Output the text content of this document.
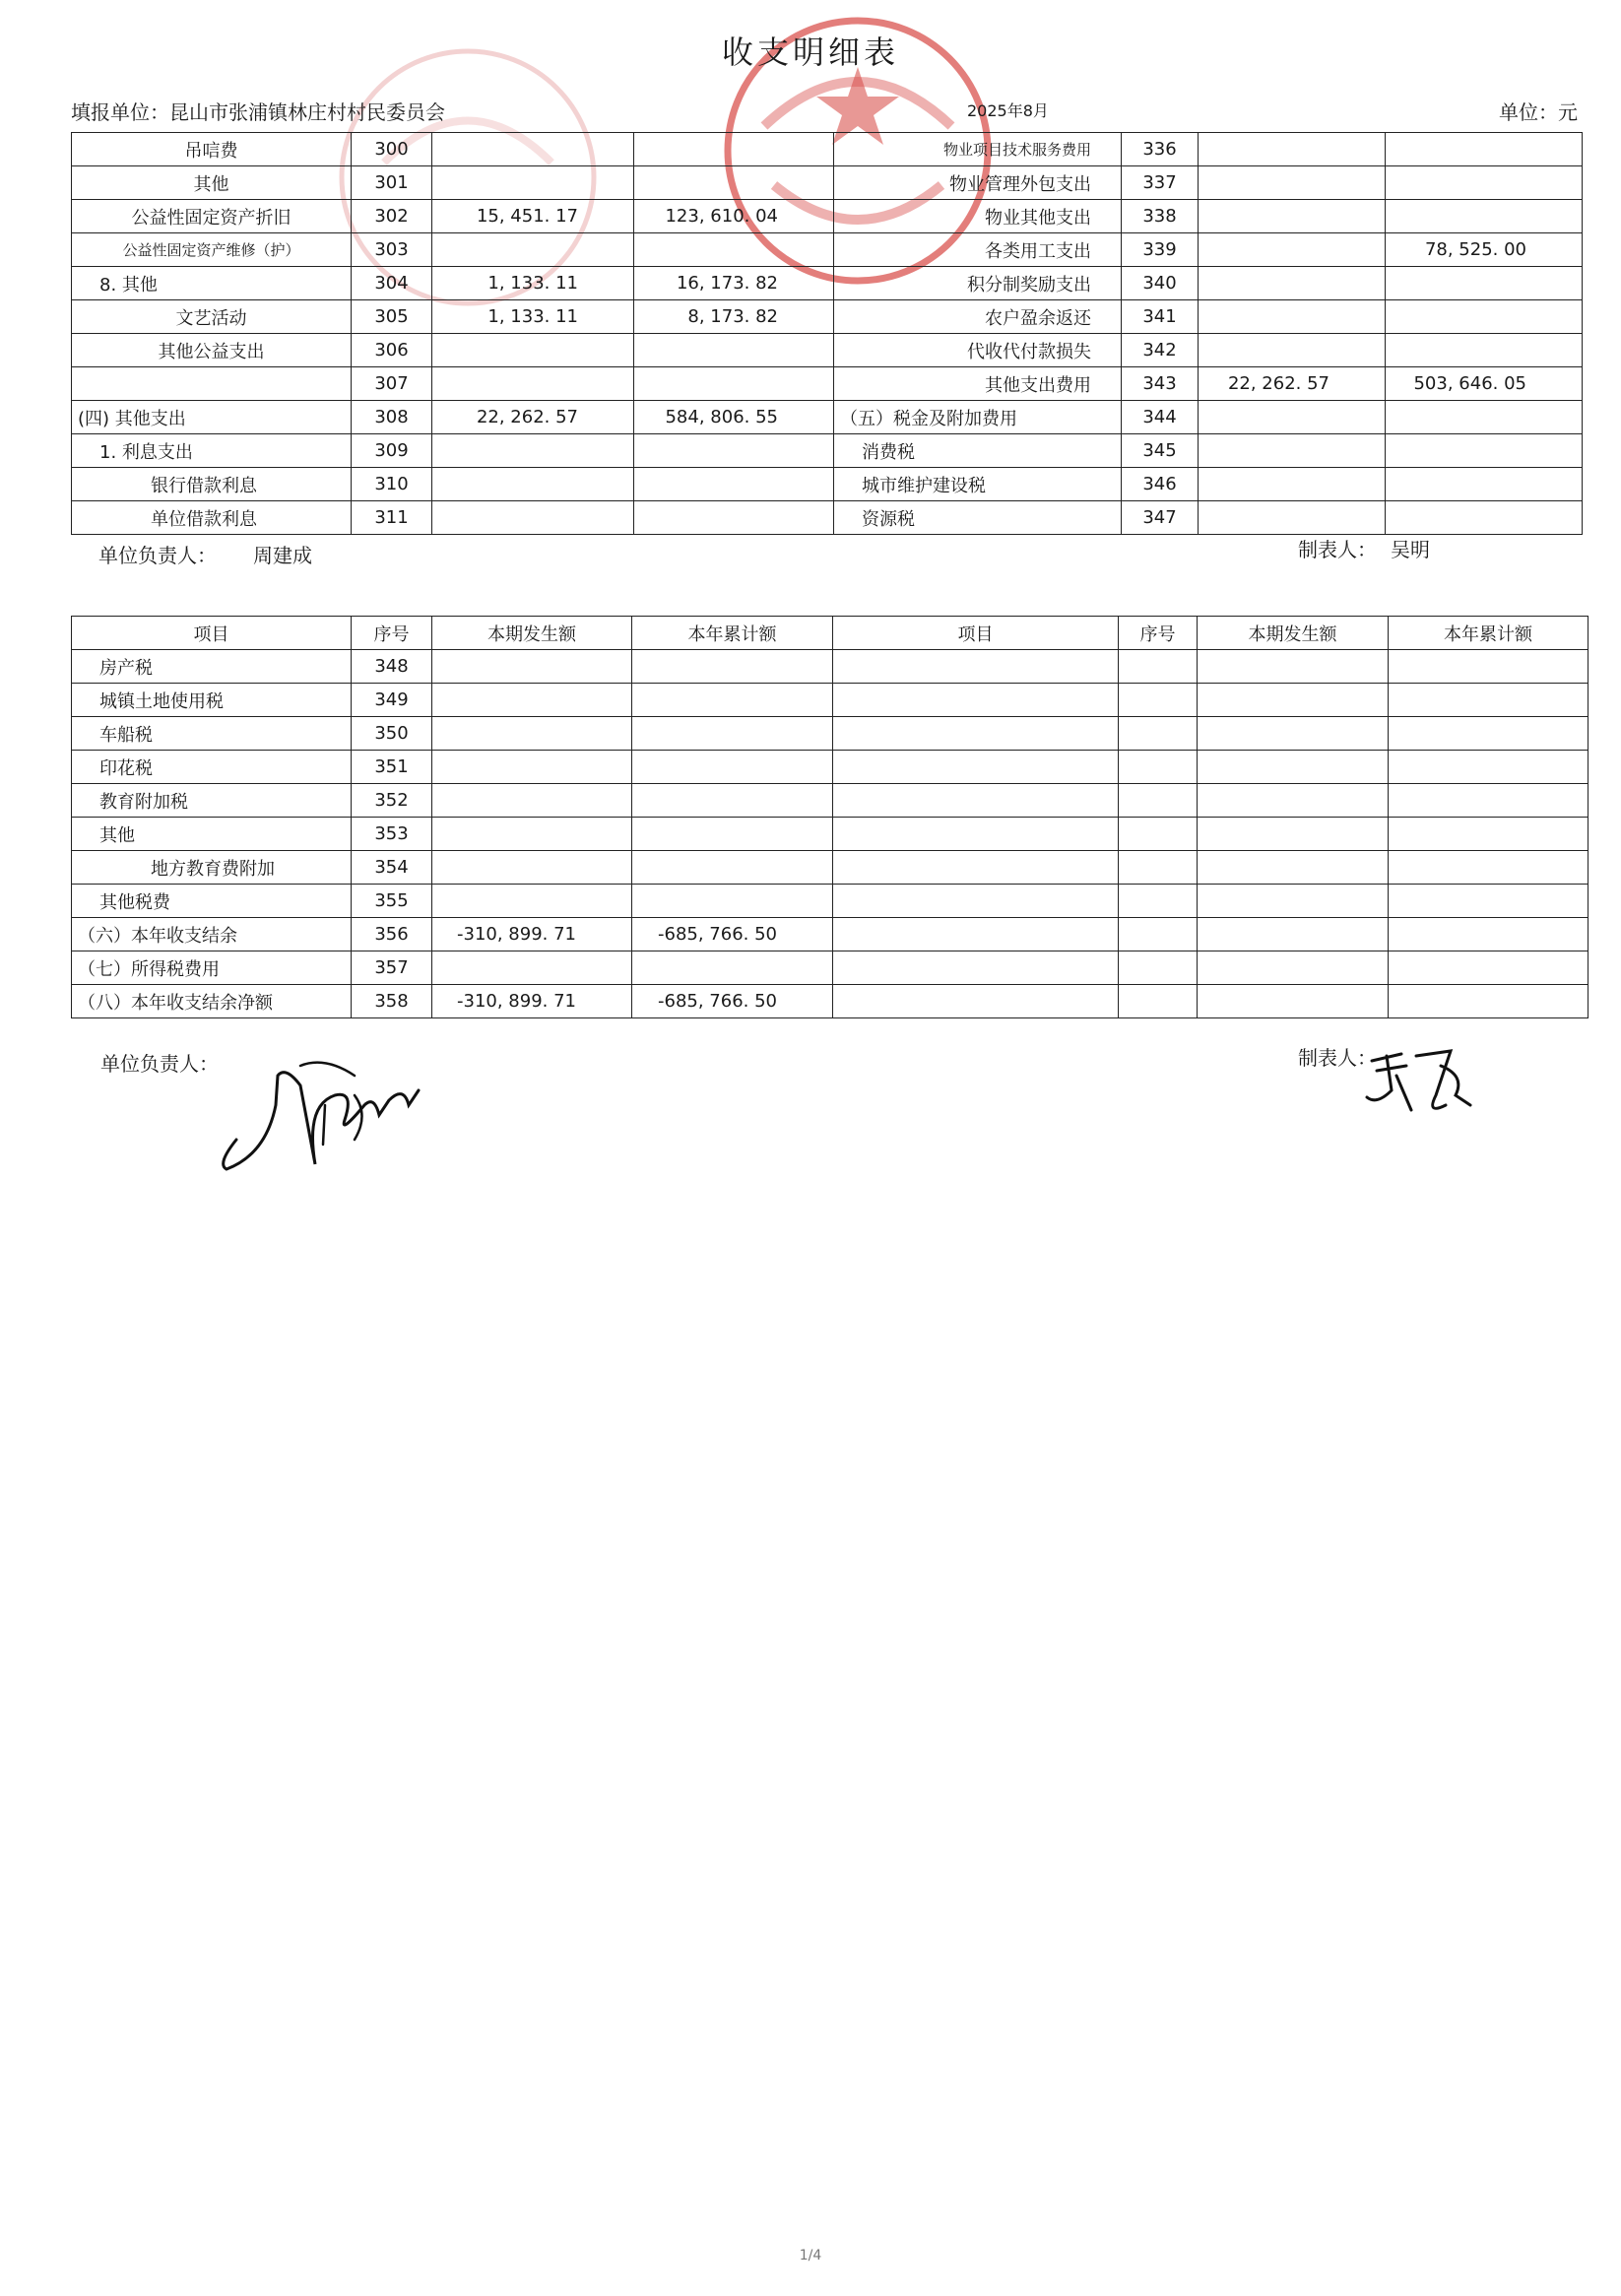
收支明细表
填报单位：昆山市张浦镇林庄村村民委员会	2025年8月	单位：元
吊唁费	300			物业项目技术服务费用	336		
其他	301			物业管理外包支出	337		
公益性固定资产折旧	302	15, 451. 17	123, 610. 04	物业其他支出	338		
公益性固定资产维修（护）	303			各类用工支出	339		78, 525. 00
8. 其他	304	1, 133. 11	16, 173. 82	积分制奖励支出	340		
文艺活动	305	1, 133. 11	8, 173. 82	农户盈余返还	341		
其他公益支出	306			代收代付款损失	342		
	307			其他支出费用	343	22, 262. 57	503, 646. 05
(四) 其他支出	308	22, 262. 57	584, 806. 55	（五）税金及附加费用	344		
1. 利息支出	309			消费税	345		
银行借款利息	310			城市维护建设税	346		
单位借款利息	311			资源税	347		
单位负责人： 周建成	制表人： 吴明
项目	序号	本期发生额	本年累计额	项目	序号	本期发生额	本年累计额
房产税	348						
城镇土地使用税	349						
车船税	350						
印花税	351						
教育附加税	352						
其他	353						
地方教育费附加	354						
其他税费	355						
（六）本年收支结余	356	-310, 899. 71	-685, 766. 50				
（七）所得税费用	357						
（八）本年收支结余净额	358	-310, 899. 71	-685, 766. 50				
单位负责人：	制表人：
1/4
